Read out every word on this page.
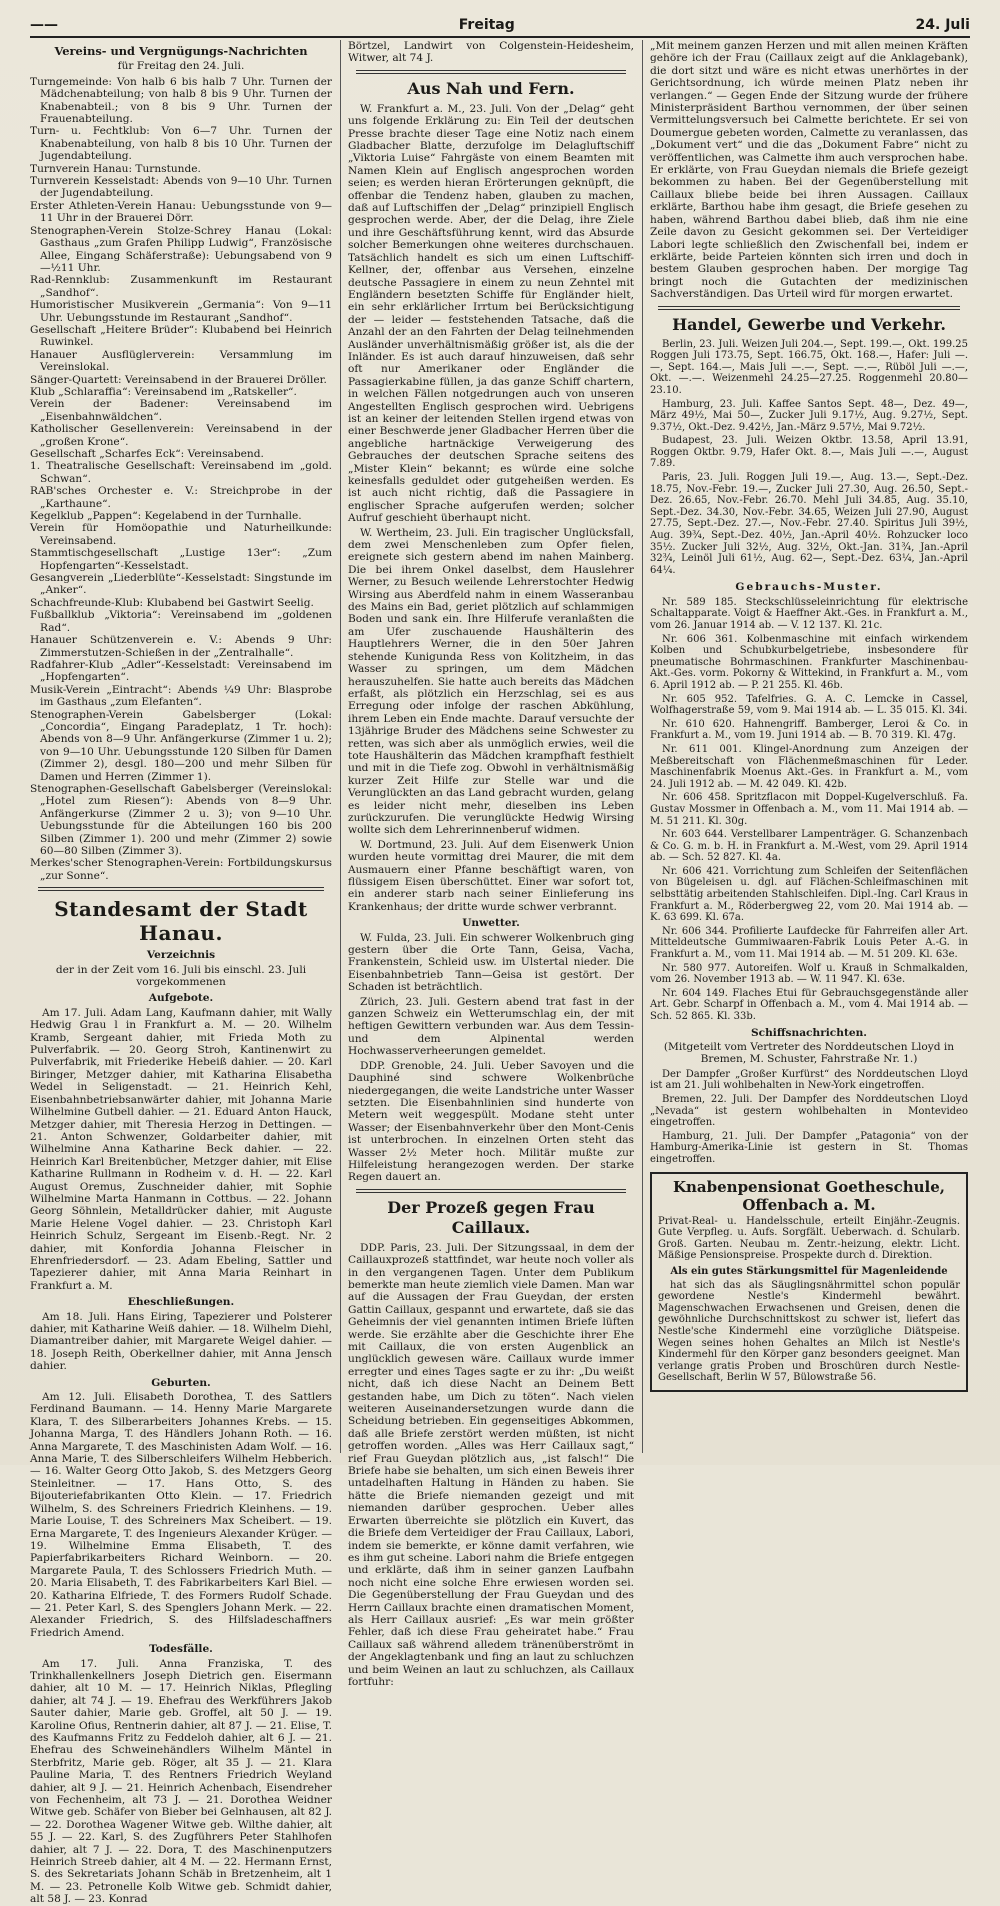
——	Freitag	24. Juli

Vereins- und Vergnügungs-Nachrichten

für Freitag den 24. Juli.

Turngemeinde: Von halb 6 bis halb 7 Uhr. Turnen der Mädchenabteilung; von halb 8 bis 9 Uhr. Turnen der Knabenabteil.; von 8 bis 9 Uhr. Turnen der Frauenabteilung.

Turn- u. Fechtklub: Von 6—7 Uhr. Turnen der Knabenabteilung, von halb 8 bis 10 Uhr. Turnen der Jugendabteilung.

Turnverein Hanau: Turnstunde.

Turnverein Kesselstadt: Abends von 9—10 Uhr. Turnen der Jugendabteilung.

Erster Athleten-Verein Hanau: Uebungsstunde von 9—11 Uhr in der Brauerei Dörr.

Stenographen-Verein Stolze-Schrey Hanau (Lokal: Gasthaus „zum Grafen Philipp Ludwig“, Französische Allee, Eingang Schäferstraße): Uebungsabend von 9—½11 Uhr.

Rad-Rennklub: Zusammenkunft im Restaurant „Sandhof“.

Humoristischer Musikverein „Germania“: Von 9—11 Uhr. Uebungsstunde im Restaurant „Sandhof“.

Gesellschaft „Heitere Brüder“: Klubabend bei Heinrich Ruwinkel.

Hanauer Ausflüglerverein: Versammlung im Vereinslokal.

Sänger-Quartett: Vereinsabend in der Brauerei Dröller.

Klub „Schlaraffia“: Vereinsabend im „Ratskeller“.

Verein der Badener: Vereinsabend im „Eisenbahnwäldchen“.

Katholischer Gesellenverein: Vereinsabend in der „großen Krone“.

Gesellschaft „Scharfes Eck“: Vereinsabend.

1. Theatralische Gesellschaft: Vereinsabend im „gold. Schwan“.

RAB'sches Orchester e. V.: Streichprobe in der „Karthaune“.

Kegelklub „Pappen“: Kegelabend in der Turnhalle.

Verein für Homöopathie und Naturheilkunde: Vereinsabend.

Stammtischgesellschaft „Lustige 13er“: „Zum Hopfengarten“-Kesselstadt.

Gesangverein „Liederblüte“-Kesselstadt: Singstunde im „Anker“.

Schachfreunde-Klub: Klubabend bei Gastwirt Seelig.

Fußballklub „Viktoria“: Vereinsabend im „goldenen Rad“.

Hanauer Schützenverein e. V.: Abends 9 Uhr: Zimmerstutzen-Schießen in der „Zentralhalle“.

Radfahrer-Klub „Adler“-Kesselstadt: Vereinsabend im „Hopfengarten“.

Musik-Verein „Eintracht“: Abends ¼9 Uhr: Blasprobe im Gasthaus „zum Elefanten“.

Stenographen-Verein Gabelsberger (Lokal: „Concordia“, Eingang Paradeplatz, 1 Tr. hoch): Abends von 8—9 Uhr. Anfängerkurse (Zimmer 1 u. 2); von 9—10 Uhr. Uebungsstunde 120 Silben für Damen (Zimmer 2), desgl. 180—200 und mehr Silben für Damen und Herren (Zimmer 1).

Stenographen-Gesellschaft Gabelsberger (Vereinslokal: „Hotel zum Riesen“): Abends von 8—9 Uhr. Anfängerkurse (Zimmer 2 u. 3); von 9—10 Uhr. Uebungsstunde für die Abteilungen 160 bis 200 Silben (Zimmer 1). 200 und mehr (Zimmer 2) sowie 60—80 Silben (Zimmer 3).

Merkes'scher Stenographen-Verein: Fortbildungskursus „zur Sonne“.

Standesamt der Stadt Hanau.

Verzeichnis

der in der Zeit vom 16. Juli bis einschl. 23. Juli vorgekommenen

Aufgebote.

Am 17. Juli. Adam Lang, Kaufmann dahier, mit Wally Hedwig Grau l in Frankfurt a. M. — 20. Wilhelm Kramb, Sergeant dahier, mit Frieda Moth zu Pulverfabrik. — 20. Georg Stroh, Kantinenwirt zu Pulverfabrik, mit Friederike Hebeiß dahier. — 20. Karl Biringer, Metzger dahier, mit Katharina Elisabetha Wedel in Seligenstadt. — 21. Heinrich Kehl, Eisenbahnbetriebsanwärter dahier, mit Johanna Marie Wilhelmine Gutbell dahier. — 21. Eduard Anton Hauck, Metzger dahier, mit Theresia Herzog in Dettingen. — 21. Anton Schwenzer, Goldarbeiter dahier, mit Wilhelmine Anna Katharine Beck dahier. — 22. Heinrich Karl Breitenbücher, Metzger dahier, mit Elise Katharine Rullmann in Rodheim v. d. H. — 22. Karl August Oremus, Zuschneider dahier, mit Sophie Wilhelmine Marta Hanmann in Cottbus. — 22. Johann Georg Söhnlein, Metalldrücker dahier, mit Auguste Marie Helene Vogel dahier. — 23. Christoph Karl Heinrich Schulz, Sergeant im Eisenb.-Regt. Nr. 2 dahier, mit Konfordia Johanna Fleischer in Ehrenfriedersdorf. — 23. Adam Ebeling, Sattler und Tapezierer dahier, mit Anna Maria Reinhart in Frankfurt a. M.

Eheschließungen.

Am 18. Juli. Hans Eiring, Tapezierer und Polsterer dahier, mit Katharine Weiß dahier. — 18. Wilhelm Diehl, Diamantreiber dahier, mit Margarete Weigel dahier. — 18. Joseph Reith, Oberkellner dahier, mit Anna Jensch dahier.

Geburten.

Am 12. Juli. Elisabeth Dorothea, T. des Sattlers Ferdinand Baumann. — 14. Henny Marie Margarete Klara, T. des Silberarbeiters Johannes Krebs. — 15. Johanna Marga, T. des Händlers Johann Roth. — 16. Anna Margarete, T. des Maschinisten Adam Wolf. — 16. Anna Marie, T. des Silberschleifers Wilhelm Hebberich. — 16. Walter Georg Otto Jakob, S. des Metzgers Georg Steinleitner. — 17. Hans Otto, S. des Bijouteriefabrikanten Otto Klein. — 17. Friedrich Wilhelm, S. des Schreiners Friedrich Kleinhens. — 19. Marie Louise, T. des Schreiners Max Scheibert. — 19. Erna Margarete, T. des Ingenieurs Alexander Krüger. — 19. Wilhelmine Emma Elisabeth, T. des Papierfabrikarbeiters Richard Weinborn. — 20. Margarete Paula, T. des Schlossers Friedrich Muth. — 20. Maria Elisabeth, T. des Fabrikarbeiters Karl Biel. — 20. Katharina Elfriede, T. des Formers Rudolf Schade. — 21. Peter Karl, S. des Spenglers Johann Merk. — 22. Alexander Friedrich, S. des Hilfsladeschaffners Friedrich Amend.

Todesfälle.

Am 17. Juli. Anna Franziska, T. des Trinkhallenkellners Joseph Dietrich gen. Eisermann dahier, alt 10 M. — 17. Heinrich Niklas, Pflegling dahier, alt 74 J. — 19. Ehefrau des Werkführers Jakob Sauter dahier, Marie geb. Groffel, alt 50 J. — 19. Karoline Ofius, Rentnerin dahier, alt 87 J. — 21. Elise, T. des Kaufmanns Fritz zu Feddeloh dahier, alt 6 J. — 21. Ehefrau des Schweinehändlers Wilhelm Mäntel in Sterbfritz, Marie geb. Röger, alt 35 J. — 21. Klara Pauline Maria, T. des Rentners Friedrich Weyland dahier, alt 9 J. — 21. Heinrich Achenbach, Eisendreher von Fechenheim, alt 73 J. — 21. Dorothea Weidner Witwe geb. Schäfer von Bieber bei Gelnhausen, alt 82 J. — 22. Dorothea Wagener Witwe geb. Wilthe dahier, alt 55 J. — 22. Karl, S. des Zugführers Peter Stahlhofen dahier, alt 7 J. — 22. Dora, T. des Maschinenputzers Heinrich Streeb dahier, alt 4 M. — 22. Hermann Ernst, S. des Sekretariats Johann Schäb in Bretzenheim, alt 1 M. — 23. Petronelle Kolb Witwe geb. Schmidt dahier, alt 58 J. — 23. Konrad

Börtzel, Landwirt von Colgenstein-Heidesheim, Witwer, alt 74 J.

Aus Nah und Fern.

W. Frankfurt a. M., 23. Juli. Von der „Delag“ geht uns folgende Erklärung zu: Ein Teil der deutschen Presse brachte dieser Tage eine Notiz nach einem Gladbacher Blatte, derzufolge im Delagluftschiff „Viktoria Luise“ Fahrgäste von einem Beamten mit Namen Klein auf Englisch angesprochen worden seien; es werden hieran Erörterungen geknüpft, die offenbar die Tendenz haben, glauben zu machen, daß auf Luftschiffen der „Delag“ prinzipiell Englisch gesprochen werde. Aber, der die Delag, ihre Ziele und ihre Geschäftsführung kennt, wird das Absurde solcher Bemerkungen ohne weiteres durchschauen. Tatsächlich handelt es sich um einen Luftschiff-Kellner, der, offenbar aus Versehen, einzelne deutsche Passagiere in einem zu neun Zehntel mit Engländern besetzten Schiffe für Engländer hielt, ein sehr erklärlicher Irrtum bei Berücksichtigung der — leider — feststehenden Tatsache, daß die Anzahl der an den Fahrten der Delag teilnehmenden Ausländer unverhältnismäßig größer ist, als die der Inländer. Es ist auch darauf hinzuweisen, daß sehr oft nur Amerikaner oder Engländer die Passagierkabine füllen, ja das ganze Schiff chartern, in welchen Fällen notgedrungen auch von unseren Angestellten Englisch gesprochen wird. Uebrigens ist an keiner der leitenden Stellen irgend etwas von einer Beschwerde jener Gladbacher Herren über die angebliche hartnäckige Verweigerung des Gebrauches der deutschen Sprache seitens des „Mister Klein“ bekannt; es würde eine solche keinesfalls geduldet oder gutgeheißen werden. Es ist auch nicht richtig, daß die Passagiere in englischer Sprache aufgerufen werden; solcher Aufruf geschieht überhaupt nicht.

W. Wertheim, 23. Juli. Ein tragischer Unglücksfall, dem zwei Menschenleben zum Opfer fielen, ereignete sich gestern abend im nahen Mainberg. Die bei ihrem Onkel daselbst, dem Hauslehrer Werner, zu Besuch weilende Lehrerstochter Hedwig Wirsing aus Aberdfeld nahm in einem Wasseranbau des Mains ein Bad, geriet plötzlich auf schlammigen Boden und sank ein. Ihre Hilferufe veranlaßten die am Ufer zuschauende Haushälterin des Hauptlehrers Werner, die in den 50er Jahren stehende Kunigunda Ress von Kolitzheim, in das Wasser zu springen, um dem Mädchen herauszuhelfen. Sie hatte auch bereits das Mädchen erfaßt, als plötzlich ein Herzschlag, sei es aus Erregung oder infolge der raschen Abkühlung, ihrem Leben ein Ende machte. Darauf versuchte der 13jährige Bruder des Mädchens seine Schwester zu retten, was sich aber als unmöglich erwies, weil die tote Haushälterin das Mädchen krampfhaft festhielt und mit in die Tiefe zog. Obwohl in verhältnismäßig kurzer Zeit Hilfe zur Stelle war und die Verunglückten an das Land gebracht wurden, gelang es leider nicht mehr, dieselben ins Leben zurückzurufen. Die verunglückte Hedwig Wirsing wollte sich dem Lehrerinnenberuf widmen.

W. Dortmund, 23. Juli. Auf dem Eisenwerk Union wurden heute vormittag drei Maurer, die mit dem Ausmauern einer Pfanne beschäftigt waren, von flüssigem Eisen überschüttet. Einer war sofort tot, ein anderer starb nach seiner Einlieferung ins Krankenhaus; der dritte wurde schwer verbrannt.

Unwetter.

W. Fulda, 23. Juli. Ein schwerer Wolkenbruch ging gestern über die Orte Tann, Geisa, Vacha, Frankenstein, Schleid usw. im Ulstertal nieder. Die Eisenbahnbetrieb Tann—Geisa ist gestört. Der Schaden ist beträchtlich.

Zürich, 23. Juli. Gestern abend trat fast in der ganzen Schweiz ein Wetterumschlag ein, der mit heftigen Gewittern verbunden war. Aus dem Tessin- und dem Alpinental werden Hochwasserverheerungen gemeldet.

DDP. Grenoble, 24. Juli. Ueber Savoyen und die Dauphiné sind schwere Wolkenbrüche niedergegangen, die weite Landstriche unter Wasser setzten. Die Eisenbahnlinien sind hunderte von Metern weit weggespült. Modane steht unter Wasser; der Eisenbahnverkehr über den Mont-Cenis ist unterbrochen. In einzelnen Orten steht das Wasser 2½ Meter hoch. Militär mußte zur Hilfeleistung herangezogen werden. Der starke Regen dauert an.

Der Prozeß gegen Frau Caillaux.

DDP. Paris, 23. Juli. Der Sitzungssaal, in dem der Caillauxprozeß stattfindet, war heute noch voller als in den vergangenen Tagen. Unter dem Publikum bemerkte man heute ziemlich viele Damen. Man war auf die Aussagen der Frau Gueydan, der ersten Gattin Caillaux, gespannt und erwartete, daß sie das Geheimnis der viel genannten intimen Briefe lüften werde. Sie erzählte aber die Geschichte ihrer Ehe mit Caillaux, die von ersten Augenblick an unglücklich gewesen wäre. Caillaux wurde immer erregter und eines Tages sagte er zu ihr: „Du weißt nicht, daß ich diese Nacht an Deinem Bett gestanden habe, um Dich zu töten“. Nach vielen weiteren Auseinandersetzungen wurde dann die Scheidung betrieben. Ein gegenseitiges Abkommen, daß alle Briefe zerstört werden müßten, ist nicht getroffen worden. „Alles was Herr Caillaux sagt,“ rief Frau Gueydan plötzlich aus, „ist falsch!“ Die Briefe habe sie behalten, um sich einen Beweis ihrer untadelhaften Haltung in Händen zu haben. Sie hätte die Briefe niemanden gezeigt und mit niemanden darüber gesprochen. Ueber alles Erwarten überreichte sie plötzlich ein Kuvert, das die Briefe dem Verteidiger der Frau Caillaux, Labori, indem sie bemerkte, er könne damit verfahren, wie es ihm gut scheine. Labori nahm die Briefe entgegen und erklärte, daß ihm in seiner ganzen Laufbahn noch nicht eine solche Ehre erwiesen worden sei. Die Gegenüberstellung der Frau Gueydan und des Herrn Caillaux brachte einen dramatischen Moment, als Herr Caillaux ausrief: „Es war mein größter Fehler, daß ich diese Frau geheiratet habe.“ Frau Caillaux saß während alledem tränenüberströmt in der Angeklagtenbank und fing an laut zu schluchzen und beim Weinen an laut zu schluchzen, als Caillaux fortfuhr:

„Mit meinem ganzen Herzen und mit allen meinen Kräften gehöre ich der Frau (Caillaux zeigt auf die Anklagebank), die dort sitzt und wäre es nicht etwas unerhörtes in der Gerichtsordnung, ich würde meinen Platz neben ihr verlangen.“ — Gegen Ende der Sitzung wurde der frühere Ministerpräsident Barthou vernommen, der über seinen Vermittelungsversuch bei Calmette berichtete. Er sei von Doumergue gebeten worden, Calmette zu veranlassen, das „Dokument vert“ und die das „Dokument Fabre“ nicht zu veröffentlichen, was Calmette ihm auch versprochen habe. Er erklärte, von Frau Gueydan niemals die Briefe gezeigt bekommen zu haben. Bei der Gegenüberstellung mit Caillaux bliebe beide bei ihren Aussagen. Caillaux erklärte, Barthou habe ihm gesagt, die Briefe gesehen zu haben, während Barthou dabei blieb, daß ihm nie eine Zeile davon zu Gesicht gekommen sei. Der Verteidiger Labori legte schließlich den Zwischenfall bei, indem er erklärte, beide Parteien könnten sich irren und doch in bestem Glauben gesprochen haben. Der morgige Tag bringt noch die Gutachten der medizinischen Sachverständigen. Das Urteil wird für morgen erwartet.

Handel, Gewerbe und Verkehr.

Berlin, 23. Juli. Weizen Juli 204.—, Sept. 199.—, Okt. 199.25 Roggen Juli 173.75, Sept. 166.75, Okt. 168.—, Hafer: Juli —.—, Sept. 164.—, Mais Juli —.—, Sept. —.—, Rüböl Juli —.—, Okt. —.—. Weizenmehl 24.25—27.25. Roggenmehl 20.80—23.10.

Hamburg, 23. Juli. Kaffee Santos Sept. 48—, Dez. 49—, März 49½, Mai 50—, Zucker Juli 9.17½, Aug. 9.27½, Sept. 9.37½, Okt.-Dez. 9.42½, Jan.-März 9.57½, Mai 9.72½.

Budapest, 23. Juli. Weizen Oktbr. 13.58, April 13.91, Roggen Oktbr. 9.79, Hafer Okt. 8.—, Mais Juli —.—, August 7.89.

Paris, 23. Juli. Roggen Juli 19.—, Aug. 13.—, Sept.-Dez. 18.75, Nov.-Febr. 19.—, Zucker Juli 27.30, Aug. 26.50, Sept.-Dez. 26.65, Nov.-Febr. 26.70. Mehl Juli 34.85, Aug. 35.10, Sept.-Dez. 34.30, Nov.-Febr. 34.65, Weizen Juli 27.90, August 27.75, Sept.-Dez. 27.—, Nov.-Febr. 27.40. Spiritus Juli 39½, Aug. 39¾, Sept.-Dez. 40½, Jan.-April 40½. Rohzucker loco 35½. Zucker Juli 32½, Aug. 32½, Okt.-Jan. 31¾, Jan.-April 32¾, Leinöl Juli 61½, Aug. 62—, Sept.-Dez. 63¼, Jan.-April 64¼.

Gebrauchs-Muster.

Nr. 589 185. Steckschlüsseleinrichtung für elektrische Schaltapparate. Voigt & Haeffner Akt.-Ges. in Frankfurt a. M., vom 26. Januar 1914 ab. — V. 12 137. Kl. 21c.

Nr. 606 361. Kolbenmaschine mit einfach wirkendem Kolben und Schubkurbelgetriebe, insbesondere für pneumatische Bohrmaschinen. Frankfurter Maschinenbau-Akt.-Ges. vorm. Pokorny & Wittekind, in Frankfurt a. M., vom 6. April 1912 ab. — P. 21 255. Kl. 46b.

Nr. 605 952. Tafelfries. G. A. C. Lemcke in Cassel, Wolfhagerstraße 59, vom 9. Mai 1914 ab. — L. 35 015. Kl. 34i.

Nr. 610 620. Hahnengriff. Bamberger, Leroi & Co. in Frankfurt a. M., vom 19. Juni 1914 ab. — B. 70 319. Kl. 47g.

Nr. 611 001. Klingel-Anordnung zum Anzeigen der Meßbereitschaft von Flächenmeßmaschinen für Leder. Maschinenfabrik Moenus Akt.-Ges. in Frankfurt a. M., vom 24. Juli 1912 ab. — M. 42 049. Kl. 42b.

Nr. 606 458. Spritzflacon mit Doppel-Kugelverschluß. Fa. Gustav Mossmer in Offenbach a. M., vom 11. Mai 1914 ab. — M. 51 211. Kl. 30g.

Nr. 603 644. Verstellbarer Lampenträger. G. Schanzenbach & Co. G. m. b. H. in Frankfurt a. M.-West, vom 29. April 1914 ab. — Sch. 52 827. Kl. 4a.

Nr. 606 421. Vorrichtung zum Schleifen der Seitenflächen von Bügeleisen u. dgl. auf Flächen-Schleifmaschinen mit selbsttätig arbeitenden Stahlschleifen. Dipl.-Ing. Carl Kraus in Frankfurt a. M., Röderbergweg 22, vom 20. Mai 1914 ab. — K. 63 699. Kl. 67a.

Nr. 606 344. Profilierte Laufdecke für Fahrreifen aller Art. Mitteldeutsche Gummiwaaren-Fabrik Louis Peter A.-G. in Frankfurt a. M., vom 11. Mai 1914 ab. — M. 51 209. Kl. 63e.

Nr. 580 977. Autoreifen. Wolf u. Krauß in Schmalkalden, vom 26. November 1913 ab. — W. 11 947. Kl. 63e.

Nr. 604 149. Flaches Etui für Gebrauchsgegenstände aller Art. Gebr. Scharpf in Offenbach a. M., vom 4. Mai 1914 ab. — Sch. 52 865. Kl. 33b.

Schiffsnachrichten.

(Mitgeteilt vom Vertreter des Norddeutschen Lloyd in Bremen, M. Schuster, Fahrstraße Nr. 1.)

Der Dampfer „Großer Kurfürst“ des Norddeutschen Lloyd ist am 21. Juli wohlbehalten in New-York eingetroffen.

Bremen, 22. Juli. Der Dampfer des Norddeutschen Lloyd „Nevada“ ist gestern wohlbehalten in Montevideo eingetroffen.

Hamburg, 21. Juli. Der Dampfer „Patagonia“ von der Hamburg-Amerika-Linie ist gestern in St. Thomas eingetroffen.

Knabenpensionat Goetheschule, Offenbach a. M.

Privat-Real- u. Handelsschule, erteilt Einjähr.-Zeugnis. Gute Verpfleg. u. Aufs. Sorgfält. Ueberwach. d. Schularb. Groß. Garten. Neubau m. Zentr.-heizung, elektr. Licht. Mäßige Pensionspreise. Prospekte durch d. Direktion.

Als ein gutes Stärkungsmittel für Magenleidende

hat sich das als Säuglingsnährmittel schon populär gewordene Nestle's Kindermehl bewährt. Magenschwachen Erwachsenen und Greisen, denen die gewöhnliche Durchschnittskost zu schwer ist, liefert das Nestle'sche Kindermehl eine vorzügliche Diätspeise. Wegen seines hohen Gehaltes an Milch ist Nestle's Kindermehl für den Körper ganz besonders geeignet. Man verlange gratis Proben und Broschüren durch Nestle-Gesellschaft, Berlin W 57, Bülowstraße 56.
